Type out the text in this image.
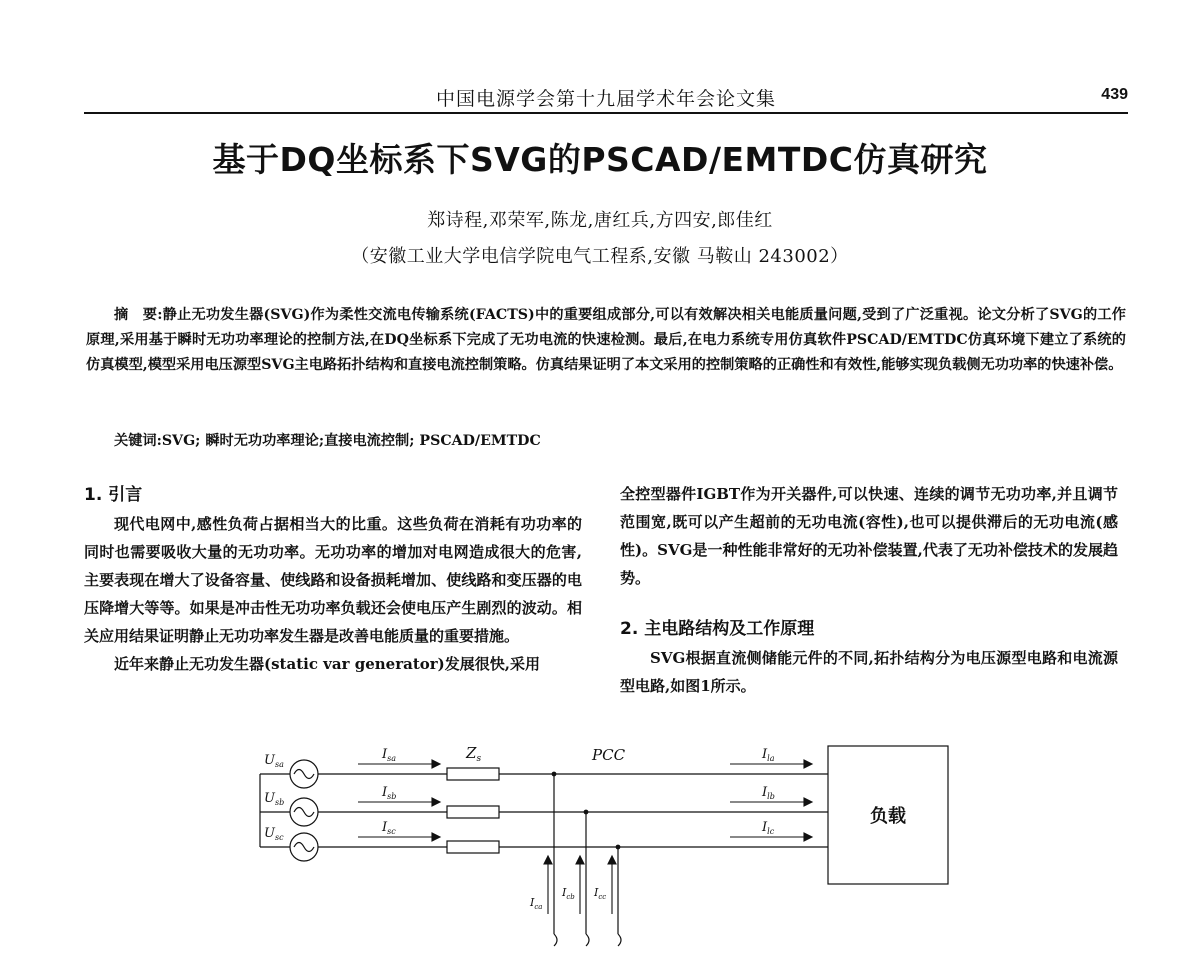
中国电源学会第十九届学术年会论文集	439
基于DQ坐标系下SVG的PSCAD/EMTDC仿真研究
郑诗程,邓荣军,陈龙,唐红兵,方四安,郎佳红
（安徽工业大学电信学院电气工程系,安徽 马鞍山 243002）

摘　要:静止无功发生器(SVG)作为柔性交流电传输系统(FACTS)中的重要组成部分,可以有效解决相关电能质量问题,受到了广泛重视。论文分析了SVG的工作原理,采用基于瞬时无功功率理论的控制方法,在DQ坐标系下完成了无功电流的快速检测。最后,在电力系统专用仿真软件PSCAD/EMTDC仿真环境下建立了系统的仿真模型,模型采用电压源型SVG主电路拓扑结构和直接电流控制策略。仿真结果证明了本文采用的控制策略的正确性和有效性,能够实现负载侧无功功率的快速补偿。

关键词:SVG; 瞬时无功功率理论;直接电流控制; PSCAD/EMTDC

1. 引言

现代电网中,感性负荷占据相当大的比重。这些负荷在消耗有功功率的同时也需要吸收大量的无功功率。无功功率的增加对电网造成很大的危害,主要表现在增大了设备容量、使线路和设备损耗增加、使线路和变压器的电压降增大等等。如果是冲击性无功功率负载还会使电压产生剧烈的波动。相关应用结果证明静止无功功率发生器是改善电能质量的重要措施。

近年来静止无功发生器(static var generator)发展很快,采用

全控型器件IGBT作为开关器件,可以快速、连续的调节无功功率,并且调节范围宽,既可以产生超前的无功电流(容性),也可以提供滞后的无功电流(感性)。SVG是一种性能非常好的无功补偿装置,代表了无功补偿技术的发展趋势。

2. 主电路结构及工作原理

SVG根据直流侧储能元件的不同,拓扑结构分为电压源型电路和电流源型电路,如图1所示。

$U_{sa}$
$U_{sb}$
$U_{sc}$
$I_{sa}$
$I_{sb}$
$I_{sc}$
$Z_s$	PCC	$I_{la}$
$I_{lb}$
$I_{lc}$
$I_{ca}$
$I_{cb}$ $I_{cc}$
负载
